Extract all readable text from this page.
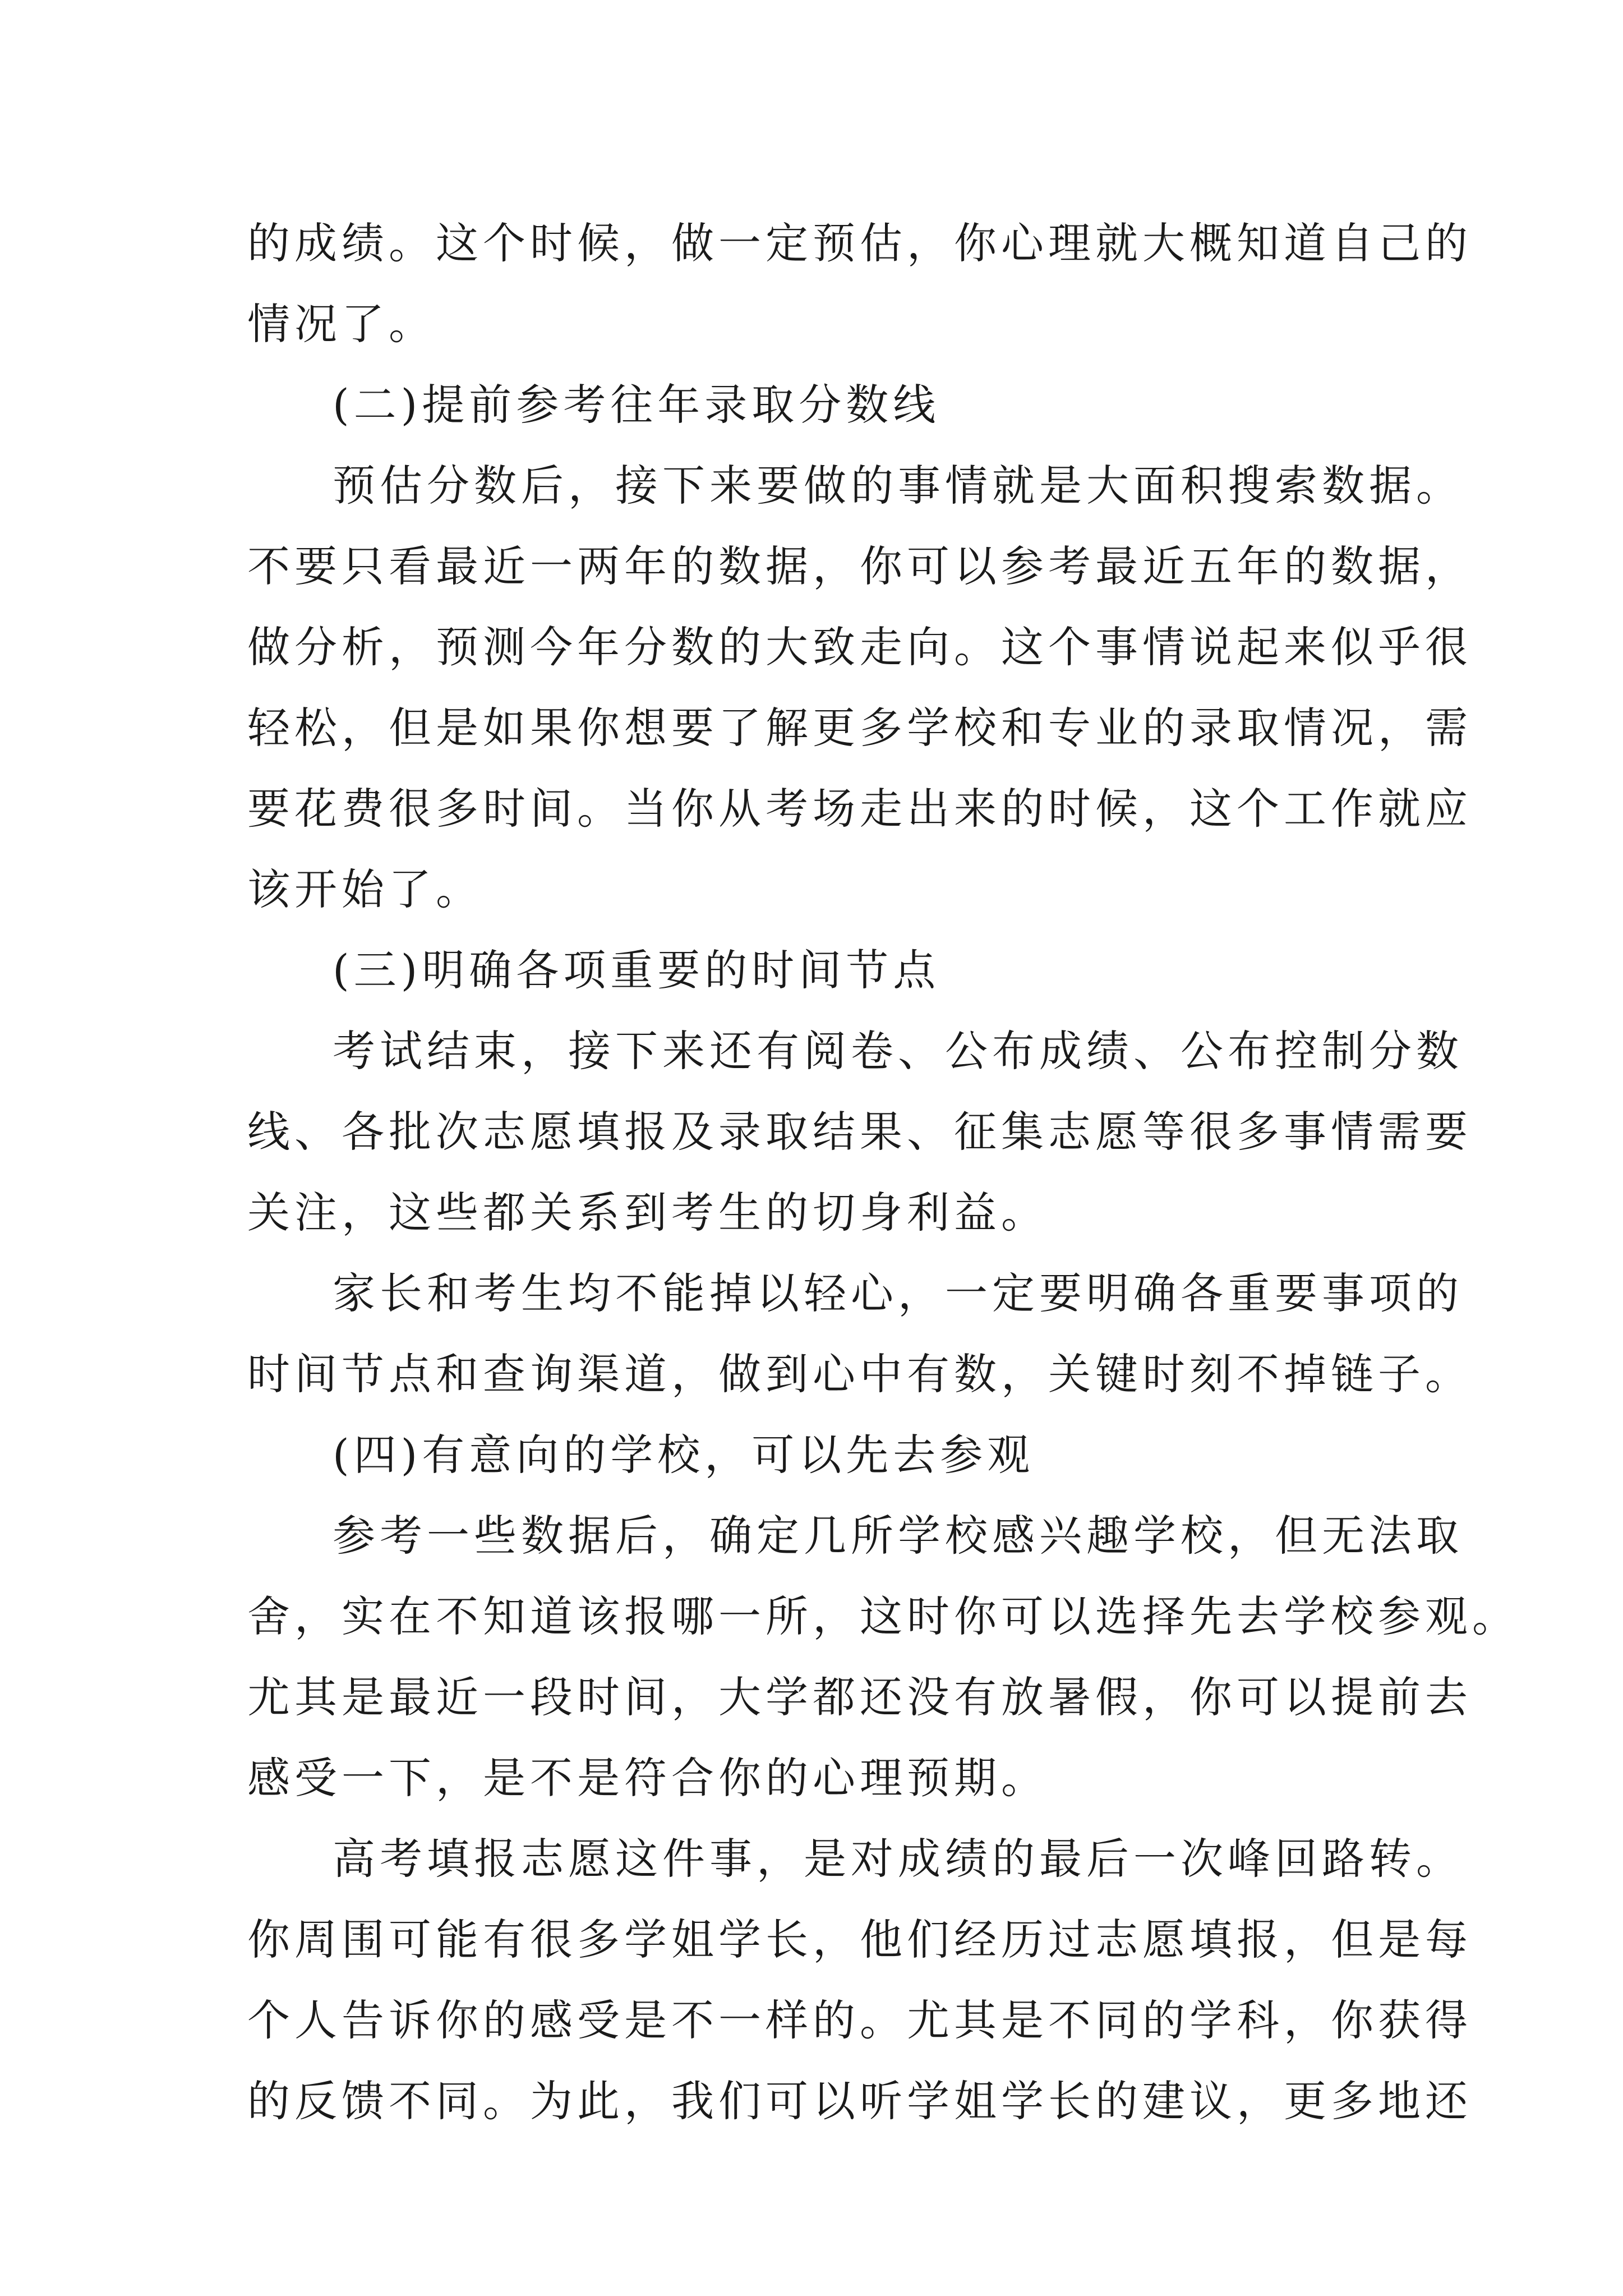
的成绩。这个时候，做一定预估，你心理就大概知道自己的
情况了。
(二)提前参考往年录取分数线
预估分数后，接下来要做的事情就是大面积搜索数据。
不要只看最近一两年的数据，你可以参考最近五年的数据，
做分析，预测今年分数的大致走向。这个事情说起来似乎很
轻松，但是如果你想要了解更多学校和专业的录取情况，需
要花费很多时间。当你从考场走出来的时候，这个工作就应
该开始了。
(三)明确各项重要的时间节点
考试结束，接下来还有阅卷、公布成绩、公布控制分数
线、各批次志愿填报及录取结果、征集志愿等很多事情需要
关注，这些都关系到考生的切身利益。
家长和考生均不能掉以轻心，一定要明确各重要事项的
时间节点和查询渠道，做到心中有数，关键时刻不掉链子。
(四)有意向的学校，可以先去参观
参考一些数据后，确定几所学校感兴趣学校，但无法取
舍，实在不知道该报哪一所，这时你可以选择先去学校参观。
尤其是最近一段时间，大学都还没有放暑假，你可以提前去
感受一下，是不是符合你的心理预期。
高考填报志愿这件事，是对成绩的最后一次峰回路转。
你周围可能有很多学姐学长，他们经历过志愿填报，但是每
个人告诉你的感受是不一样的。尤其是不同的学科，你获得
的反馈不同。为此，我们可以听学姐学长的建议，更多地还
